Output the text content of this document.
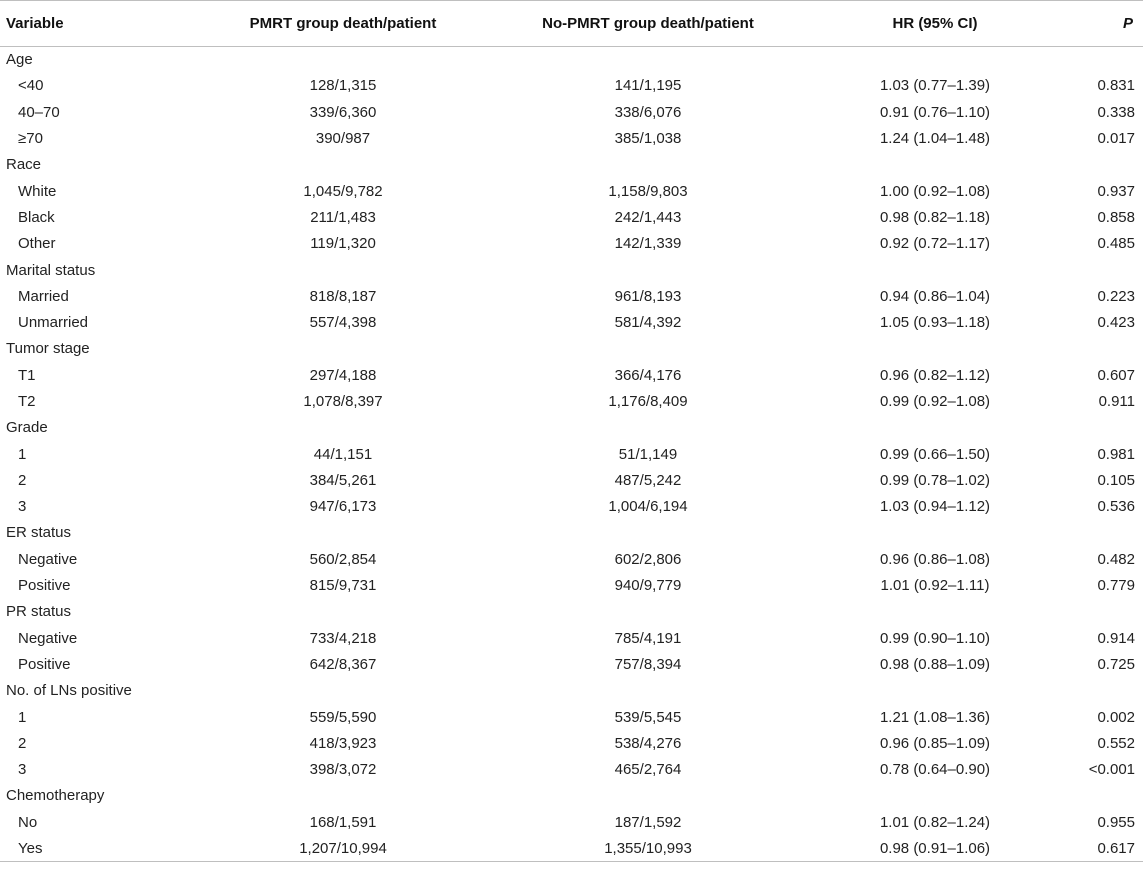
Variable	PMRT group death/patient	No-PMRT group death/patient	HR (95% CI)	P
Age				
<40	128/1,315	141/1,195	1.03 (0.77–1.39)	0.831
40–70	339/6,360	338/6,076	0.91 (0.76–1.10)	0.338
≥70	390/987	385/1,038	1.24 (1.04–1.48)	0.017
Race				
White	1,045/9,782	1,158/9,803	1.00 (0.92–1.08)	0.937
Black	211/1,483	242/1,443	0.98 (0.82–1.18)	0.858
Other	119/1,320	142/1,339	0.92 (0.72–1.17)	0.485
Marital status				
Married	818/8,187	961/8,193	0.94 (0.86–1.04)	0.223
Unmarried	557/4,398	581/4,392	1.05 (0.93–1.18)	0.423
Tumor stage				
T1	297/4,188	366/4,176	0.96 (0.82–1.12)	0.607
T2	1,078/8,397	1,176/8,409	0.99 (0.92–1.08)	0.911
Grade				
1	44/1,151	51/1,149	0.99 (0.66–1.50)	0.981
2	384/5,261	487/5,242	0.99 (0.78–1.02)	0.105
3	947/6,173	1,004/6,194	1.03 (0.94–1.12)	0.536
ER status				
Negative	560/2,854	602/2,806	0.96 (0.86–1.08)	0.482
Positive	815/9,731	940/9,779	1.01 (0.92–1.11)	0.779
PR status				
Negative	733/4,218	785/4,191	0.99 (0.90–1.10)	0.914
Positive	642/8,367	757/8,394	0.98 (0.88–1.09)	0.725
No. of LNs positive				
1	559/5,590	539/5,545	1.21 (1.08–1.36)	0.002
2	418/3,923	538/4,276	0.96 (0.85–1.09)	0.552
3	398/3,072	465/2,764	0.78 (0.64–0.90)	<0.001
Chemotherapy				
No	168/1,591	187/1,592	1.01 (0.82–1.24)	0.955
Yes	1,207/10,994	1,355/10,993	0.98 (0.91–1.06)	0.617
